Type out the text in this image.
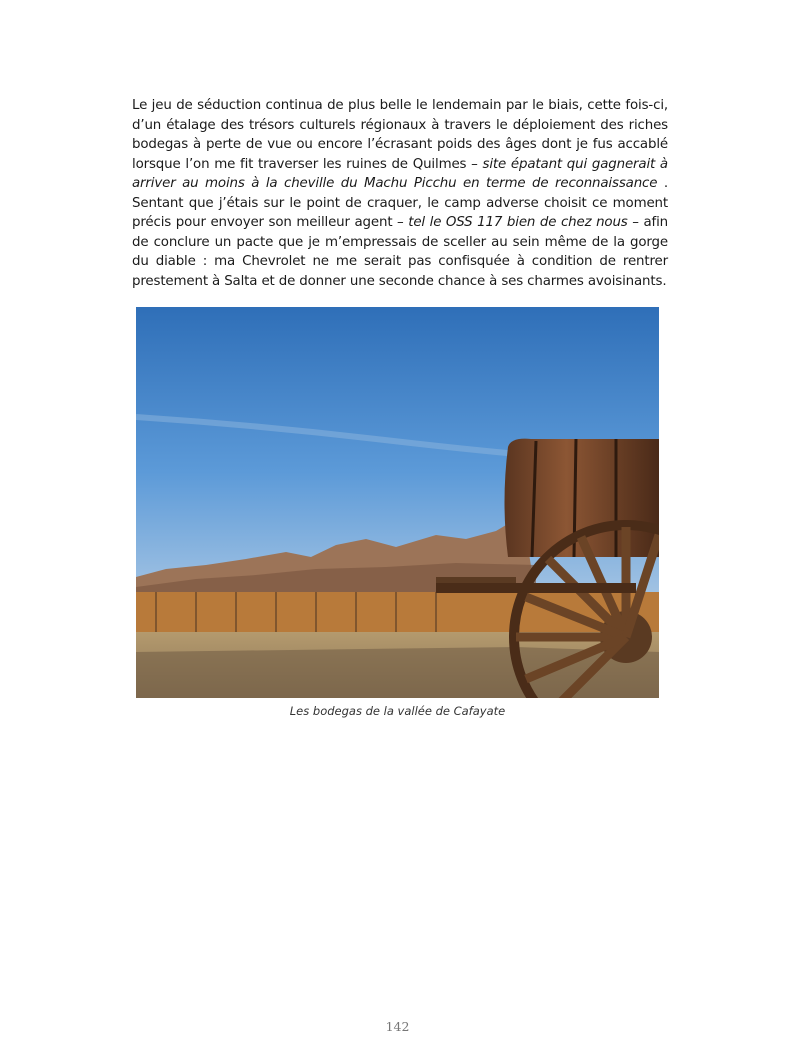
Le jeu de séduction continua de plus belle le lendemain par le biais, cette fois-ci, d’un étalage des trésors culturels régionaux à travers le déploiement des riches bodegas à perte de vue ou encore l’écrasant poids des âges dont je fus accablé lorsque l’on me fit traverser les ruines de Quilmes – site épatant qui gagnerait à arriver au moins à la cheville du Machu Picchu en terme de reconnaissance . Sentant que j’étais sur le point de craquer, le camp adverse choisit ce moment précis pour envoyer son meilleur agent – tel le OSS 117 bien de chez nous – afin de conclure un pacte que je m’empressais de sceller au sein même de la gorge du diable : ma Chevrolet ne me serait pas confisquée à condition de rentrer prestement à Salta et de donner une seconde chance à ses charmes avoisinants.
Les bodegas de la vallée de Cafayate
142
